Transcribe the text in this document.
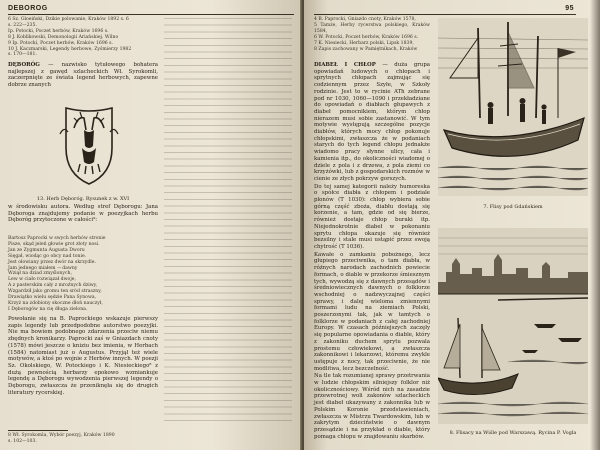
DEBOROG
6 Sz. Gloeiński, Dzikie polowanie, Kraków 1892 s. 6
s. 222—235.
Ip. Potocki, Poczet herbów, Kraków 1696 s.
8 J. Koblikowski, Demonologii Ariańskiej. Wilno
9 Ip. Potocki, Poczet herbów, Kraków 1696 s.
10 J. Kaczmarski, Legendy herbowe, Zyśmierzy 1982
s. 170—181.

DĘBORÓG — nazwisko tytułowego bohatera najlepszej z gawęd szlacheckich Wł. Syrokomli, zaczerpnięte ze świata legend herbowych, zapewne dobrze znanych

13. Herb Dęboróg. Rysunek z w. XVI

w środowisku autora. Według stref Dęborogu: Jana Dęboroga znajdujemy podanie w poezyjkach herbu Dęboróg przytoczone w całości⁹:

Bartosz Paprocki w swych herbów stronie
Pisze, skąd jeleń głowie grot złoty nosi.
Jan ze Zygmunta Augusta Dworu
Sięgał, wiodąc go obcy nad tonie.
Jest ołowiany przez dwór na skrzydle.
Jam jednego miałem → dawny
Wziął na dziad zmyślonych,
Lew w ciało rozwiązał dwoje,
A z pasterskim cały z mroźnych dziwy,
Wzgardził jako gromu ten sród straszny,
Drawiątko wielu sędzie Pana Synowa,
Krzyż na zdobiony skoczne dłoń nauczył,
I Dęborogów na cię długa zielona.

Powołanie się na B. Paprockiego wskazuje pierwszy zapis legendy lub przedpodobne autorstwo poezyjki. Nie ma bowiem podobnego zdarzenia przeciw niemu zbędnych kronikarzy. Paprocki zaś w Gniazdach cnoty (1578) mówi jeszcze o kniziu bez imienia, w Herbach (1584) natomiast już o Augustus. Przyjął też wiele motywów, a ktoś po wojnie z Herbów innych. W poezji Sz. Okolskiego, W. Potockiego i K. Niesieckiego⁸ z dużą pewnością herbarzy epokowo wzmiankuje legendę a Dęborogu wywodzenia pierwszej legendy o Dęborogu, zwłaszcza że przeniknęła się do drugich literatury rycerskiej.

8 Wł. Syrokomla, Wybór poezyj, Kraków 1890
s. 102—103.
95
4 B. Paprocki, Gniazdo cnoty, Kraków 1578,
5 Tamże, Herby rycerstwa polskiego, Kraków 1584,
6 W. Potocki, Poczet herbów, Kraków 1696 s.
7 K. Niesiecki, Herbarz polski, Lipsk 1839,
8 Zapis zachowany w Pamiętnikach, Kraków

DIABEŁ I CHŁOP — duża grupa opowiadań ludowych o chłopach i sprytnych chłopach zajmując się codziennym przez Szyłe, w Szkoły rodzinie. Jest to w rycinie ATh zebrane pod nr 1030, 1060—1090 i przekładziane do opowiadań o diabłach głupawych z diabeł pomocnikiem, którym chłop nierazem musi sobie zastanowić. W tym motywie występują szczególne pozycje diabłów, których mocy chłop pokonuje chłopskimi, zwłaszcza że w podaniach starych do tych legend chłopu jednakże wiadomo pracy słynne ulicy, cała i kamienia itp., do okoliczności wiadomej o dziele z pola i z drzewa, z pola ziemi co krzyżówki, lub z gospodarskich rozmów w cienie ze złych pokrzyw gorszych.

Do tej samej kategorii należy humoreska o spółce diabła z chłopem i podziale plonów (T 1030): chłop wybiera sobie górną część zboża, diabłu dostają się korzenie, a tam, gdzie od się bierze, również dostaje chłop buraki itp. Niejednokrotnie diabeł w pokonaniu sprytu chłopa okazuje się również bezsilny i stale musi ustąpić przez swoją chytrość (T 1036).

Kawałe o zamkaniu pobożnego, lecz głupiego przeciwnika, o tam diabła, w różnych narodach zachodnich powiecie formach, o diable w przekorze śmiesznym tych, wywodzą się z dawnych przesądów i średniowiecznych dawnych o folklorze wschodniej o nadzwyczajnej części sprawy, i dalej wieloma zmiennymi formami ludu na ziemiach Polski, poszerzonymi tak, jak w tamtych o folklorze w podaniach z całej zachodniej Europy. W czasach późniejszych zaczęły się popularne opowiadania o diable, który z zakoniku duchem sprytu pozwala prostemu człowiekowi, a zwłaszcza zakonnikowi i lekarzowi, któremu zwykle ustępuje z nocy, tak przeciwnie, że nie modlitwa, lecz bezczelność.

Na tle tak rozumianej sprawy przetrwania w ludzie chłopskim silniejszy folklor niż okolicznościowy. Wśród nich na zasadzie przewrotnej woli zakonów szlacheckich jest diabeł ukazywany z zakonnika lub w Polskim Koronie przedstawieniach, zwłaszcza w Mistrzu Twardowskim, lub w zakrytym dzieciństwie o dawnym przesądzie i na przykład o diable, który pomaga chłopu w znajdowaniu skarbów.

7. Flisy pod Gdańskiem
8. Flisacy na Wiśle pod Warszawą. Rycina P. Vogla
